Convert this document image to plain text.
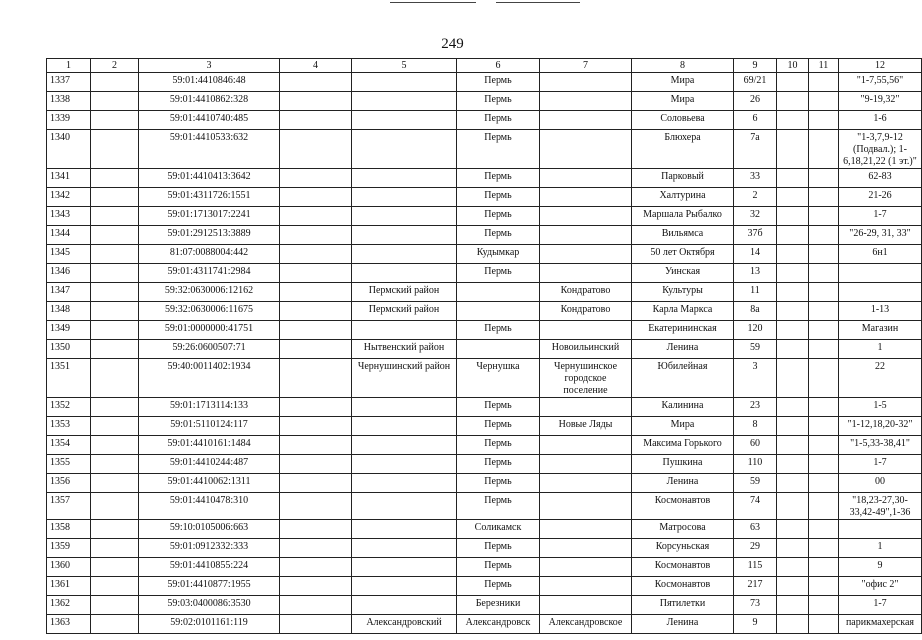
249
1	2	3	4	5	6	7	8	9	10	11	12
1337		59:01:4410846:48			Пермь		Мира	69/21			"1-7,55,56"
1338		59:01:4410862:328			Пермь		Мира	26			"9-19,32"
1339		59:01:4410740:485			Пермь		Соловьева	6			1-6
1340		59:01:4410533:632			Пермь		Блюхера	7а			"1-3,7,9-12 (Подвал.); 1-6,18,21,22 (1 эт.)"
1341		59:01:4410413:3642			Пермь		Парковый	33			62-83
1342		59:01:4311726:1551			Пермь		Халтурина	2			21-26
1343		59:01:1713017:2241			Пермь		Маршала Рыбалко	32			1-7
1344		59:01:2912513:3889			Пермь		Вильямса	37б			"26-29, 31, 33"
1345		81:07:0088004:442			Кудымкар		50 лет Октября	14			6н1
1346		59:01:4311741:2984			Пермь		Уинская	13			
1347		59:32:0630006:12162		Пермский район		Кондратово	Культуры	11			
1348		59:32:0630006:11675		Пермский район		Кондратово	Карла Маркса	8а			1-13
1349		59:01:0000000:41751			Пермь		Екатерининская	120			Магазин
1350		59:26:0600507:71		Нытвенский район		Новоильинский	Ленина	59			1
1351		59:40:0011402:1934		Чернушинский район	Чернушка	Чернушинское городское поселение	Юбилейная	3			22
1352		59:01:1713114:133			Пермь		Калинина	23			1-5
1353		59:01:5110124:117			Пермь	Новые Ляды	Мира	8			"1-12,18,20-32"
1354		59:01:4410161:1484			Пермь		Максима Горького	60			"1-5,33-38,41"
1355		59:01:4410244:487			Пермь		Пушкина	110			1-7
1356		59:01:4410062:1311			Пермь		Ленина	59			00
1357		59:01:4410478:310			Пермь		Космонавтов	74			"18,23-27,30-33,42-49",1-36
1358		59:10:0105006:663			Соликамск		Матросова	63			
1359		59:01:0912332:333			Пермь		Корсуньская	29			1
1360		59:01:4410855:224			Пермь		Космонавтов	115			9
1361		59:01:4410877:1955			Пермь		Космонавтов	217			"офис 2"
1362		59:03:0400086:3530			Березники		Пятилетки	73			1-7
1363		59:02:0101161:119		Александровский	Александровск	Александровское	Ленина	9			парикмахерская
